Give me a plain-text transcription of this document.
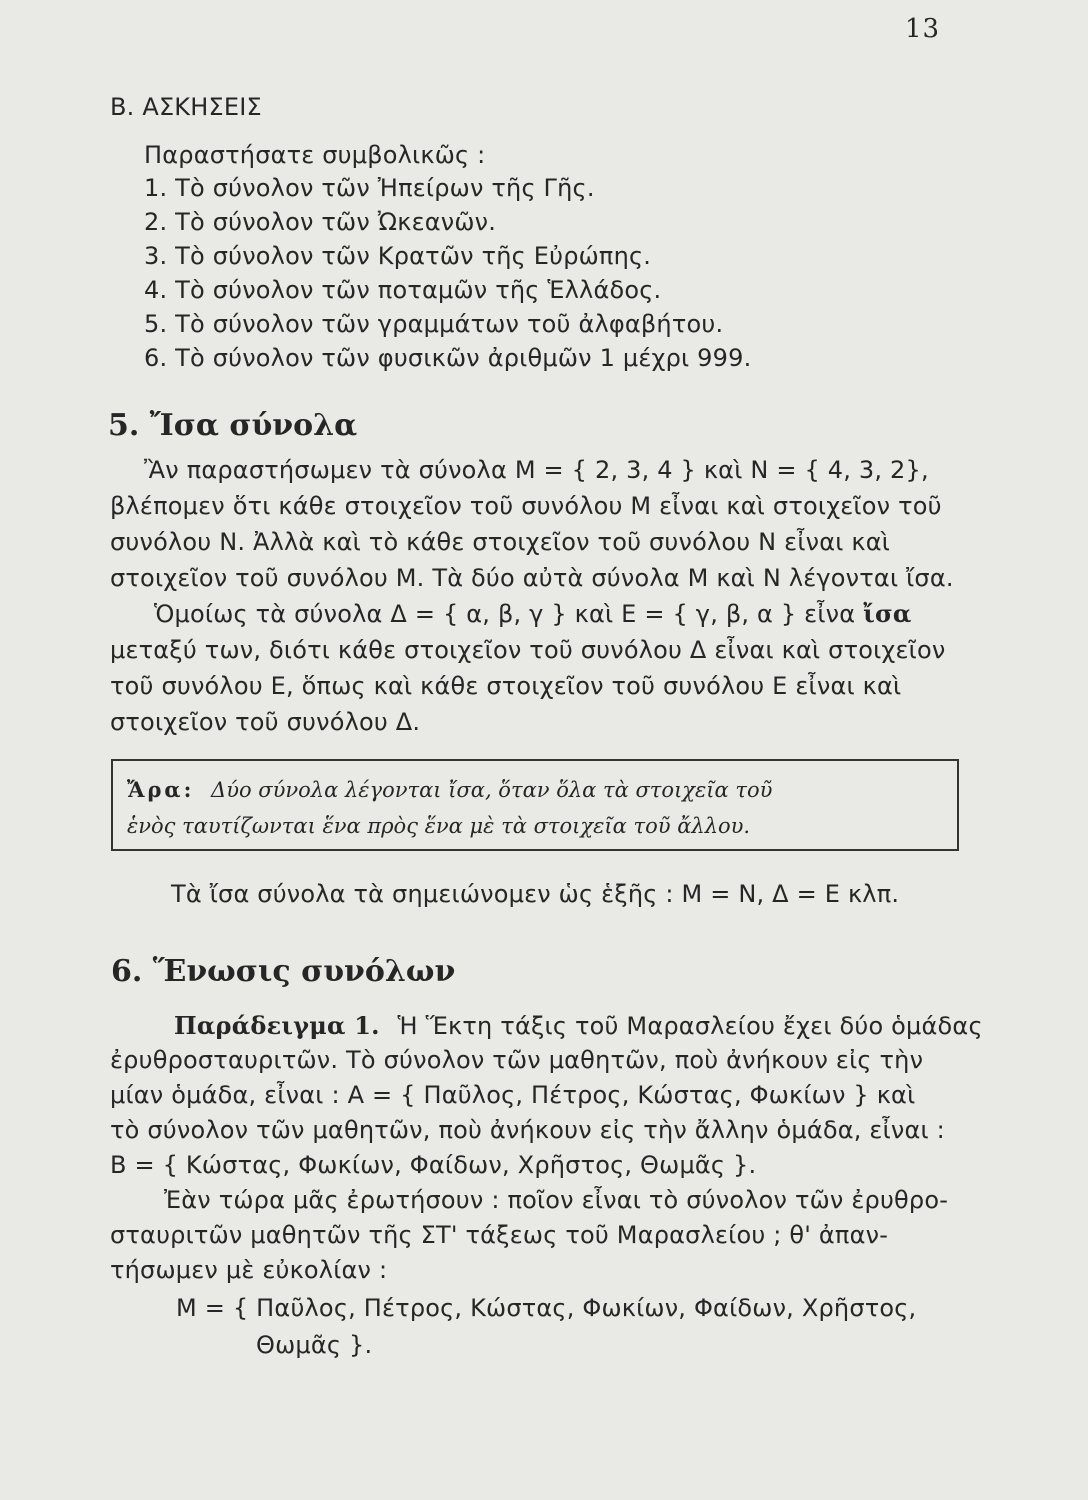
13
Β. ΑΣΚΗΣΕΙΣ
Παραστήσατε συμβολικῶς :
1. Τὸ σύνολον τῶν Ἠπείρων τῆς Γῆς.
2. Τὸ σύνολον τῶν Ὠκεανῶν.
3. Τὸ σύνολον τῶν Κρατῶν τῆς Εὐρώπης.
4. Τὸ σύνολον τῶν ποταμῶν τῆς Ἑλλάδος.
5. Τὸ σύνολον τῶν γραμμάτων τοῦ ἀλφαβήτου.
6. Τὸ σύνολον τῶν φυσικῶν ἀριθμῶν 1 μέχρι 999.
5. Ἴσα σύνολα
Ἂν παραστήσωμεν τὰ σύνολα M = { 2, 3, 4 } καὶ N = { 4, 3, 2},
βλέπομεν ὅτι κάθε στοιχεῖον τοῦ συνόλου M εἶναι καὶ στοιχεῖον τοῦ
συνόλου N. Ἀλλὰ καὶ τὸ κάθε στοιχεῖον τοῦ συνόλου N εἶναι καὶ
στοιχεῖον τοῦ συνόλου M. Τὰ δύο αὐτὰ σύνολα M καὶ N λέγονται ἴσα.
Ὁμοίως τὰ σύνολα Δ = { α, β, γ } καὶ Ε = { γ, β, α } εἶνα ἴσα
μεταξύ των, διότι κάθε στοιχεῖον τοῦ συνόλου Δ εἶναι καὶ στοιχεῖον
τοῦ συνόλου Ε, ὅπως καὶ κάθε στοιχεῖον τοῦ συνόλου Ε εἶναι καὶ
στοιχεῖον τοῦ συνόλου Δ.
Ἄρα: Δύο σύνολα λέγονται ἴσα, ὅταν ὅλα τὰ στοιχεῖα τοῦ
ἑνὸς ταυτίζωνται ἕνα πρὸς ἕνα μὲ τὰ στοιχεῖα τοῦ ἄλλου.
Τὰ ἴσα σύνολα τὰ σημειώνομεν ὡς ἑξῆς : M = N, Δ = Ε κλπ.
6. Ἕνωσις συνόλων
Παράδειγμα 1. Ἡ Ἕκτη τάξις τοῦ Μαρασλείου ἔχει δύο ὁμάδας
ἐρυθροσταυριτῶν. Τὸ σύνολον τῶν μαθητῶν, ποὺ ἀνήκουν εἰς τὴν
μίαν ὁμάδα, εἶναι : Α = { Παῦλος, Πέτρος, Κώστας, Φωκίων } καὶ
τὸ σύνολον τῶν μαθητῶν, ποὺ ἀνήκουν εἰς τὴν ἄλλην ὁμάδα, εἶναι :
Β = { Κώστας, Φωκίων, Φαίδων, Χρῆστος, Θωμᾶς }.
Ἐὰν τώρα μᾶς ἐρωτήσουν : ποῖον εἶναι τὸ σύνολον τῶν ἐρυθρο-
σταυριτῶν μαθητῶν τῆς ΣΤ' τάξεως τοῦ Μαρασλείου ; θ' ἀπαν-
τήσωμεν μὲ εὐκολίαν :
M = { Παῦλος, Πέτρος, Κώστας, Φωκίων, Φαίδων, Χρῆστος,
Θωμᾶς }.
